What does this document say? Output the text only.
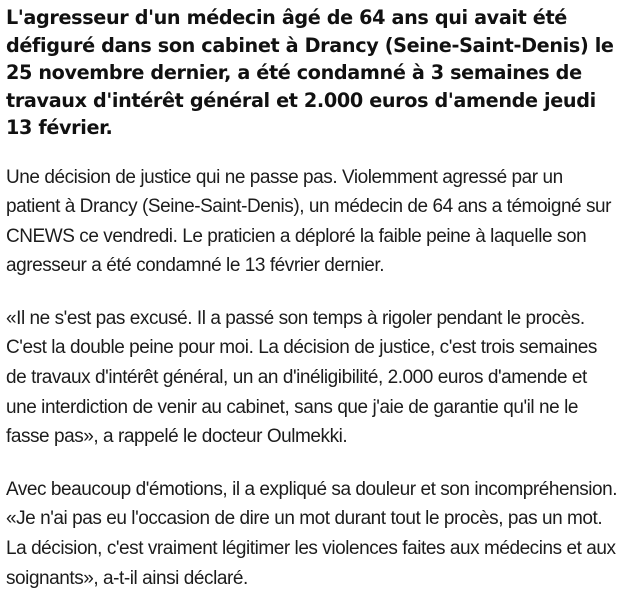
L'agresseur d'un médecin âgé de 64 ans qui avait été défiguré dans son cabinet à Drancy (Seine-Saint-Denis) le 25 novembre dernier, a été condamné à 3 semaines de travaux d'intérêt général et 2.000 euros d'amende jeudi 13 février.

Une décision de justice qui ne passe pas. Violemment agressé par un patient à Drancy (Seine-Saint-Denis), un médecin de 64 ans a témoigné sur CNEWS ce vendredi. Le praticien a déploré la faible peine à laquelle son agresseur a été condamné le 13 février dernier.

«Il ne s'est pas excusé. Il a passé son temps à rigoler pendant le procès. C'est la double peine pour moi. La décision de justice, c'est trois semaines de travaux d'intérêt général, un an d'inéligibilité, 2.000 euros d'amende et une interdiction de venir au cabinet, sans que j'aie de garantie qu'il ne le fasse pas», a rappelé le docteur Oulmekki.

Avec beaucoup d'émotions, il a expliqué sa douleur et son incompréhension. «Je n'ai pas eu l'occasion de dire un mot durant tout le procès, pas un mot. La décision, c'est vraiment légitimer les violences faites aux médecins et aux soignants», a-t-il ainsi déclaré.
